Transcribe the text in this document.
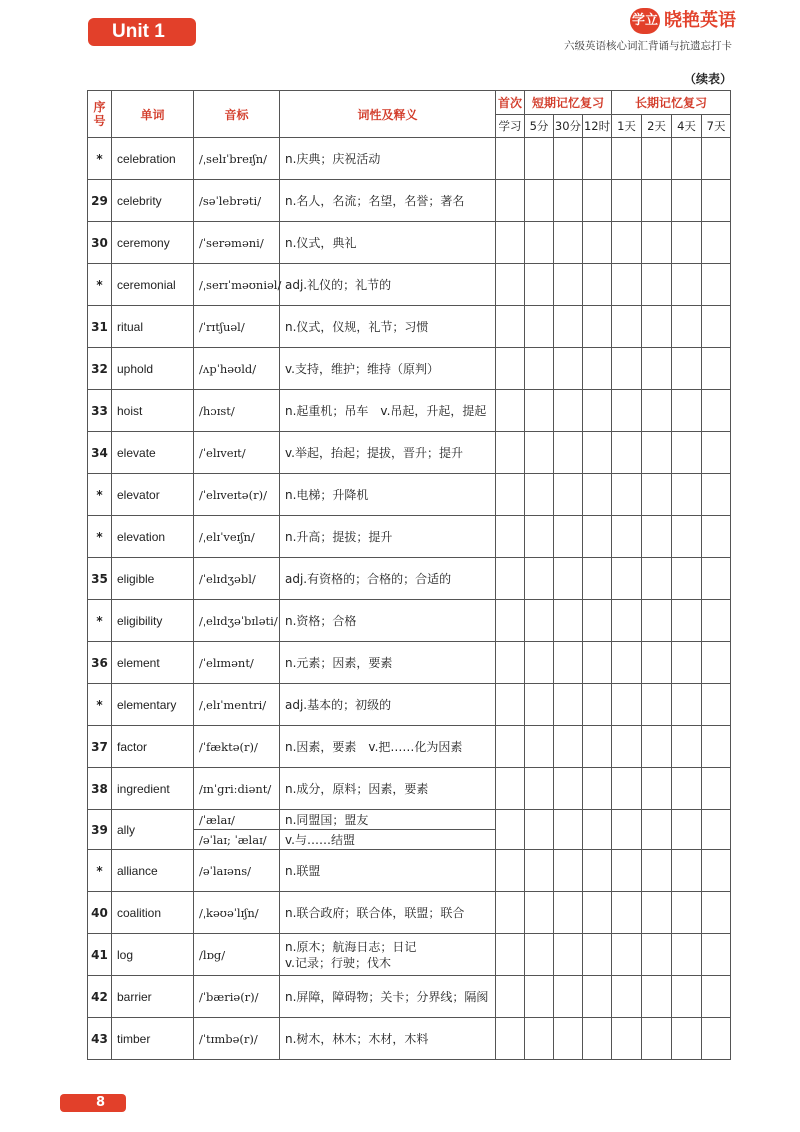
Unit 1
学立 晓艳英语
六级英语核心词汇背诵与抗遗忘打卡
（续表）
序号	单词	音标	词性及释义	首次	短期记忆复习			长期记忆复习			
				学习	5分	30分	12时	1天	2天	4天	7天
*	celebration	/ˌselɪˈbreɪʃn/	n.庆典；庆祝活动								

29	celebrity	/səˈlebrəti/	n.名人，名流；名望，名誉；著名								

30	ceremony	/ˈserəməni/	n.仪式，典礼								

*	ceremonial	/ˌserɪˈməʊniəl/	adj.礼仪的；礼节的								

31	ritual	/ˈrɪtʃuəl/	n.仪式，仪规，礼节；习惯								

32	uphold	/ʌpˈhəʊld/	v.支持，维护；维持（原判）								

33	hoist	/hɔɪst/	n.起重机；吊车　v.吊起，升起，提起								

34	elevate	/ˈelɪveɪt/	v.举起，抬起；提拔，晋升；提升								

*	elevator	/ˈelɪveɪtə(r)/	n.电梯；升降机								

*	elevation	/ˌelɪˈveɪʃn/	n.升高；提拔；提升								

35	eligible	/ˈelɪdʒəbl/	adj.有资格的；合格的；合适的								

*	eligibility	/ˌelɪdʒəˈbɪləti/	n.资格；合格								

36	element	/ˈelɪmənt/	n.元素；因素，要素								

*	elementary	/ˌelɪˈmentri/	adj.基本的；初级的								

37	factor	/ˈfæktə(r)/	n.因素，要素　v.把……化为因素								

38	ingredient	/ɪnˈgriːdiənt/	n.成分，原料；因素，要素								

39	ally	/ˈælaɪ/	n.同盟国；盟友								
		/əˈlaɪ; ˈælaɪ/	v.与……结盟								
*	alliance	/əˈlaɪəns/	n.联盟								

40	coalition	/ˌkəʊəˈlɪʃn/	n.联合政府；联合体，联盟；联合								

41	log	/lɒg/	n.原木；航海日志；日记
v.记录；行驶；伐木								

42	barrier	/ˈbæriə(r)/	n.屏障，障碍物；关卡；分界线；隔阂								

43	timber	/ˈtɪmbə(r)/	n.树木，林木；木材，木料								

8
